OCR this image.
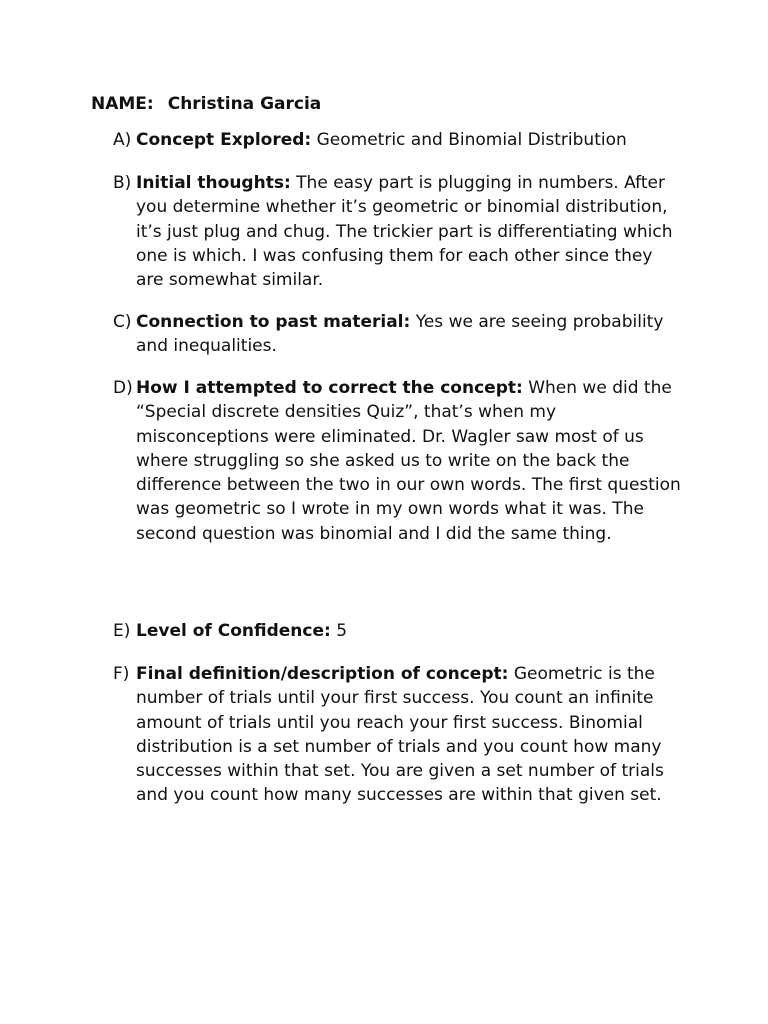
NAME: Christina Garcia
A) Concept Explored: Geometric and Binomial Distribution
B) Initial thoughts: The easy part is plugging in numbers. After you determine whether it’s geometric or binomial distribution, it’s just plug and chug. The trickier part is differentiating which one is which. I was confusing them for each other since they are somewhat similar.
C) Connection to past material: Yes we are seeing probability and inequalities.
D) How I attempted to correct the concept: When we did the “Special discrete densities Quiz”, that’s when my misconceptions were eliminated. Dr. Wagler saw most of us where struggling so she asked us to write on the back the difference between the two in our own words. The first question was geometric so I wrote in my own words what it was. The second question was binomial and I did the same thing.
E) Level of Confidence: 5
F) Final definition/description of concept: Geometric is the number of trials until your first success. You count an infinite amount of trials until you reach your first success. Binomial distribution is a set number of trials and you count how many successes within that set. You are given a set number of trials and you count how many successes are within that given set.
